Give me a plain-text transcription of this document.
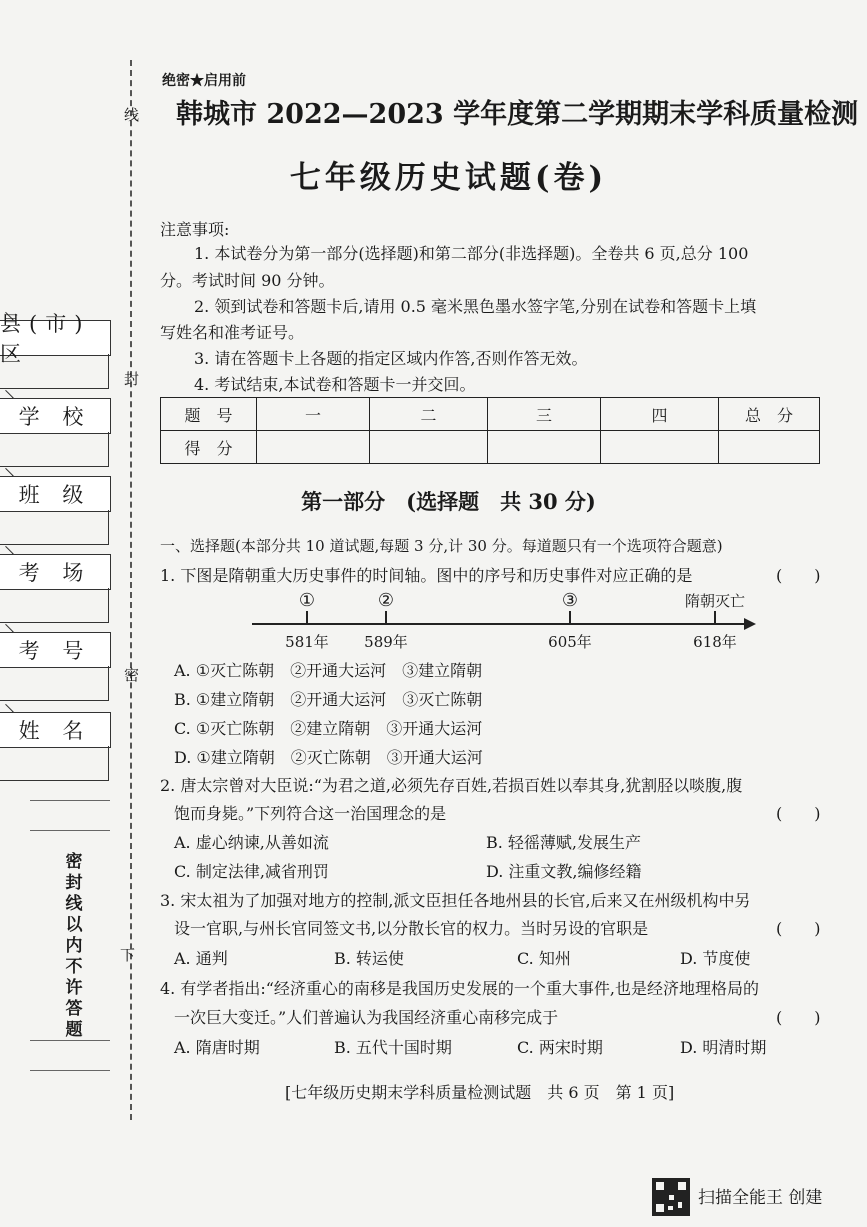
线
封
密
下
县(市)区
学 校
班 级
考 场
考 号
姓 名
密封线以内不许答题
绝密★启用前
韩城市 2022—2023 学年度第二学期期末学科质量检测
七年级历史试题(卷)
注意事项:
1. 本试卷分为第一部分(选择题)和第二部分(非选择题)。全卷共 6 页,总分 100
分。考试时间 90 分钟。
2. 领到试卷和答题卡后,请用 0.5 毫米黑色墨水签字笔,分别在试卷和答题卡上填
写姓名和准考证号。
3. 请在答题卡上各题的指定区域内作答,否则作答无效。
4. 考试结束,本试卷和答题卡一并交回。
题　号	一	二	三	四	总　分
得　分					
第一部分　(选择题　共 30 分)
一、选择题(本部分共 10 道试题,每题 3 分,计 30 分。每道题只有一个选项符合题意)
1. 下图是隋朝重大历史事件的时间轴。图中的序号和历史事件对应正确的是	(　　)
①	②	③	隋朝灭亡
581年 589年	605年	618年
A. ①灭亡陈朝　②开通大运河　③建立隋朝
B. ①建立隋朝　②开通大运河　③灭亡陈朝
C. ①灭亡陈朝　②建立隋朝　③开通大运河
D. ①建立隋朝　②灭亡陈朝　③开通大运河
2. 唐太宗曾对大臣说:“为君之道,必须先存百姓,若损百姓以奉其身,犹割胫以啖腹,腹
饱而身毙。”下列符合这一治国理念的是	(　　)
A. 虚心纳谏,从善如流	B. 轻徭薄赋,发展生产
C. 制定法律,减省刑罚	D. 注重文教,编修经籍
3. 宋太祖为了加强对地方的控制,派文臣担任各地州县的长官,后来又在州级机构中另
设一官职,与州长官同签文书,以分散长官的权力。当时另设的官职是	(　　)
A. 通判	B. 转运使	C. 知州	D. 节度使
4. 有学者指出:“经济重心的南移是我国历史发展的一个重大事件,也是经济地理格局的
一次巨大变迁。”人们普遍认为我国经济重心南移完成于	(　　)
A. 隋唐时期	B. 五代十国时期	C. 两宋时期	D. 明清时期
[七年级历史期末学科质量检测试题　共 6 页　第 1 页]
扫描全能王 创建
